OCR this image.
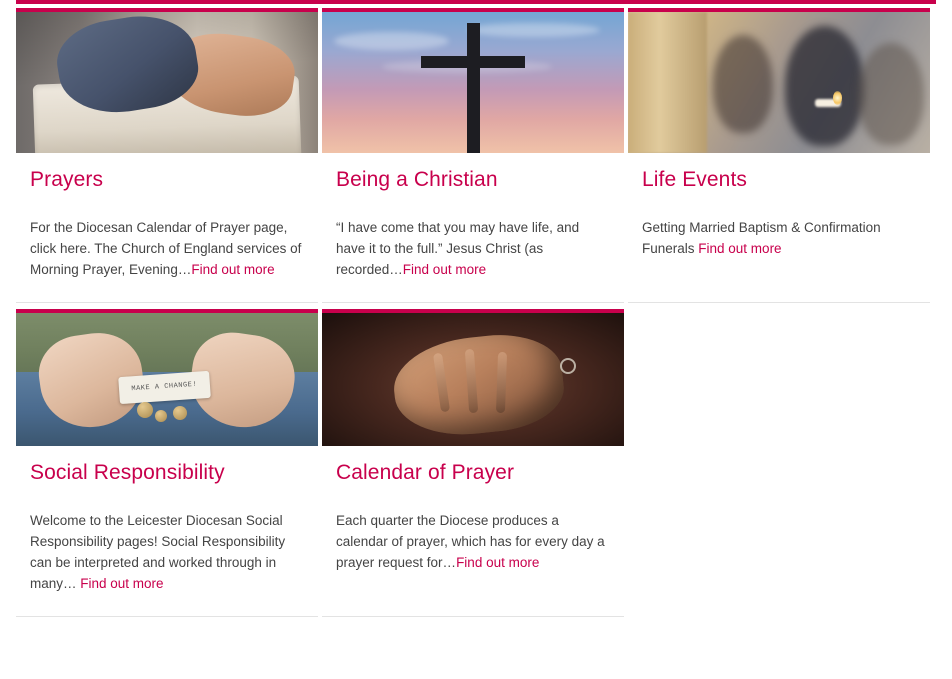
Prayers

For the Diocesan Calendar of Prayer page, click here. The Church of England services of Morning Prayer, Evening…Find out more

Being a Christian

“I have come that you may have life, and have it to the full.” Jesus Christ (as recorded…Find out more

Life Events

Getting Married Baptism & Confirmation Funerals Find out more

MAKE A CHANGE!
Social Responsibility

Welcome to the Leicester Diocesan Social Responsibility pages! Social Responsibility can be interpreted and worked through in many… Find out more

Calendar of Prayer

Each quarter the Diocese produces a calendar of prayer, which has for every day a prayer request for…Find out more
